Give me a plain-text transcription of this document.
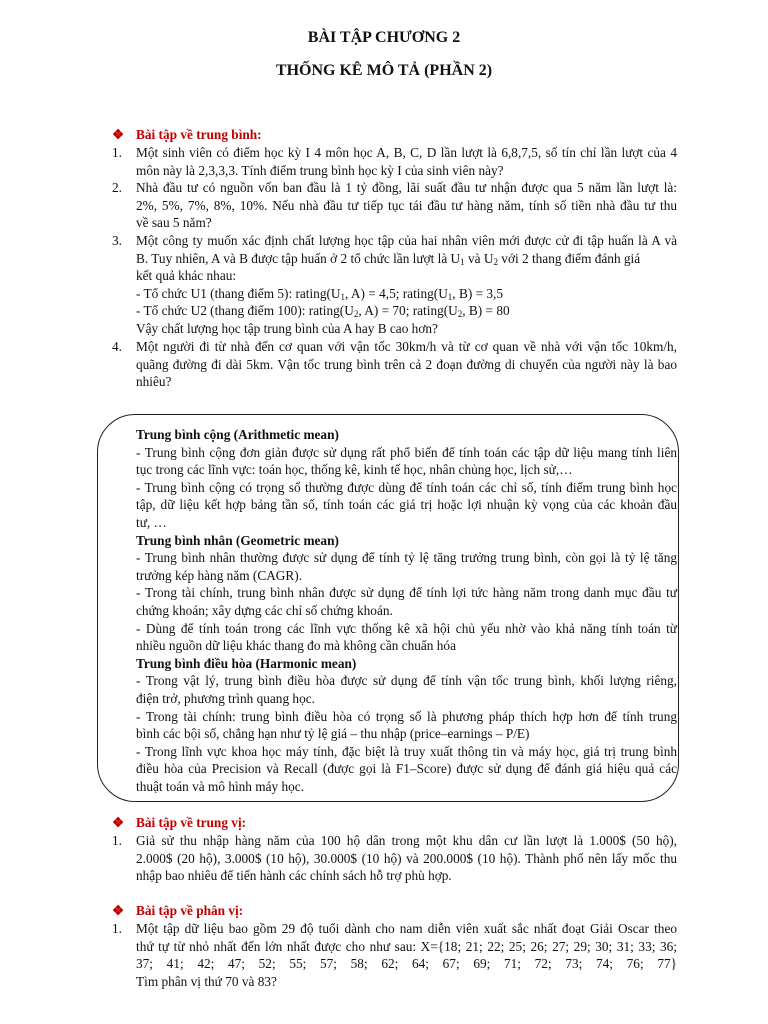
BÀI TẬP CHƯƠNG 2
THỐNG KÊ MÔ TẢ (PHẦN 2)
❖ Bài tập về trung bình:
1. Một sinh viên có điểm học kỳ I 4 môn học A, B, C, D lần lượt là 6,8,7,5, số tín chỉ lần lượt của 4
môn này là 2,3,3,3. Tính điểm trung bình học kỳ I của sinh viên này?
2. Nhà đầu tư có nguồn vốn ban đầu là 1 tỷ đồng, lãi suất đầu tư nhận được qua 5 năm lần lượt là:
2%, 5%, 7%, 8%, 10%. Nếu nhà đầu tư tiếp tục tái đầu tư hàng năm, tính số tiền nhà đầu tư thu
về sau 5 năm?
3. Một công ty muốn xác định chất lượng học tập của hai nhân viên mới được cử đi tập huấn là A và
B. Tuy nhiên, A và B được tập huấn ở 2 tổ chức lần lượt là $U_1$ và $U_2$ với 2 thang điểm đánh giá
kết quả khác nhau:
- Tổ chức U1 (thang điểm 5): $rating(U_1$, A) = 4,5; $rating(U_1$, B) = 3,5
- Tổ chức U2 (thang điểm 100): $rating(U_2$, A) = 70; $rating(U_2$, B) = 80
Vậy chất lượng học tập trung bình của A hay B cao hơn?
4. Một người đi từ nhà đến cơ quan với vận tốc 30km/h và từ cơ quan về nhà với vận tốc 10km/h,
quãng đường đi dài 5km. Vận tốc trung bình trên cả 2 đoạn đường di chuyển của người này là bao
nhiêu?
Trung bình cộng (Arithmetic mean)
- Trung bình cộng đơn giản được sử dụng rất phổ biến để tính toán các tập dữ liệu mang tính liên
tục trong các lĩnh vực: toán học, thống kê, kinh tế học, nhân chủng học, lịch sử,…
- Trung bình cộng có trọng số thường được dùng để tính toán các chỉ số, tính điểm trung bình học
tập, dữ liệu kết hợp bảng tần số, tính toán các giá trị hoặc lợi nhuận kỳ vọng của các khoản đầu
tư, …
Trung bình nhân (Geometric mean)
- Trung bình nhân thường được sử dụng để tính tỷ lệ tăng trưởng trung bình, còn gọi là tỷ lệ tăng
trưởng kép hàng năm (CAGR).
- Trong tài chính, trung bình nhân được sử dụng để tính lợi tức hàng năm trong danh mục đầu tư
chứng khoán; xây dựng các chỉ số chứng khoán.
- Dùng để tính toán trong các lĩnh vực thống kê xã hội chủ yếu nhờ vào khả năng tính toán từ
nhiều nguồn dữ liệu khác thang đo mà không cần chuẩn hóa
Trung bình điều hòa (Harmonic mean)
- Trong vật lý, trung bình điều hòa được sử dụng để tính vận tốc trung bình, khối lượng riêng,
điện trở, phương trình quang học.
- Trong tài chính: trung bình điều hòa có trọng số là phương pháp thích hợp hơn để tính trung
bình các bội số, chẳng hạn như tỷ lệ giá – thu nhập (price–earnings – P/E)
- Trong lĩnh vực khoa học máy tính, đặc biệt là truy xuất thông tin và máy học, giá trị trung bình
điều hòa của Precision và Recall (được gọi là F1–Score) được sử dụng để đánh giá hiệu quả các
thuật toán và mô hình máy học.
❖ Bài tập về trung vị:
1. Giả sử thu nhập hàng năm của 100 hộ dân trong một khu dân cư lần lượt là 1.000$ (50 hộ),
2.000$ (20 hộ), 3.000$ (10 hộ), 30.000$ (10 hộ) và 200.000$ (10 hộ). Thành phố nên lấy mốc thu
nhập bao nhiêu để tiến hành các chính sách hỗ trợ phù hợp.
❖ Bài tập về phân vị:
1. Một tập dữ liệu bao gồm 29 độ tuổi dành cho nam diễn viên xuất sắc nhất đoạt Giải Oscar theo
thứ tự từ nhỏ nhất đến lớn nhất được cho như sau: X={18; 21; 22; 25; 26; 27; 29; 30; 31; 33; 36;
37; 41; 42; 47; 52; 55; 57; 58; 62; 64; 67; 69; 71; 72; 73; 74; 76; 77}
Tìm phân vị thứ 70 và 83?
